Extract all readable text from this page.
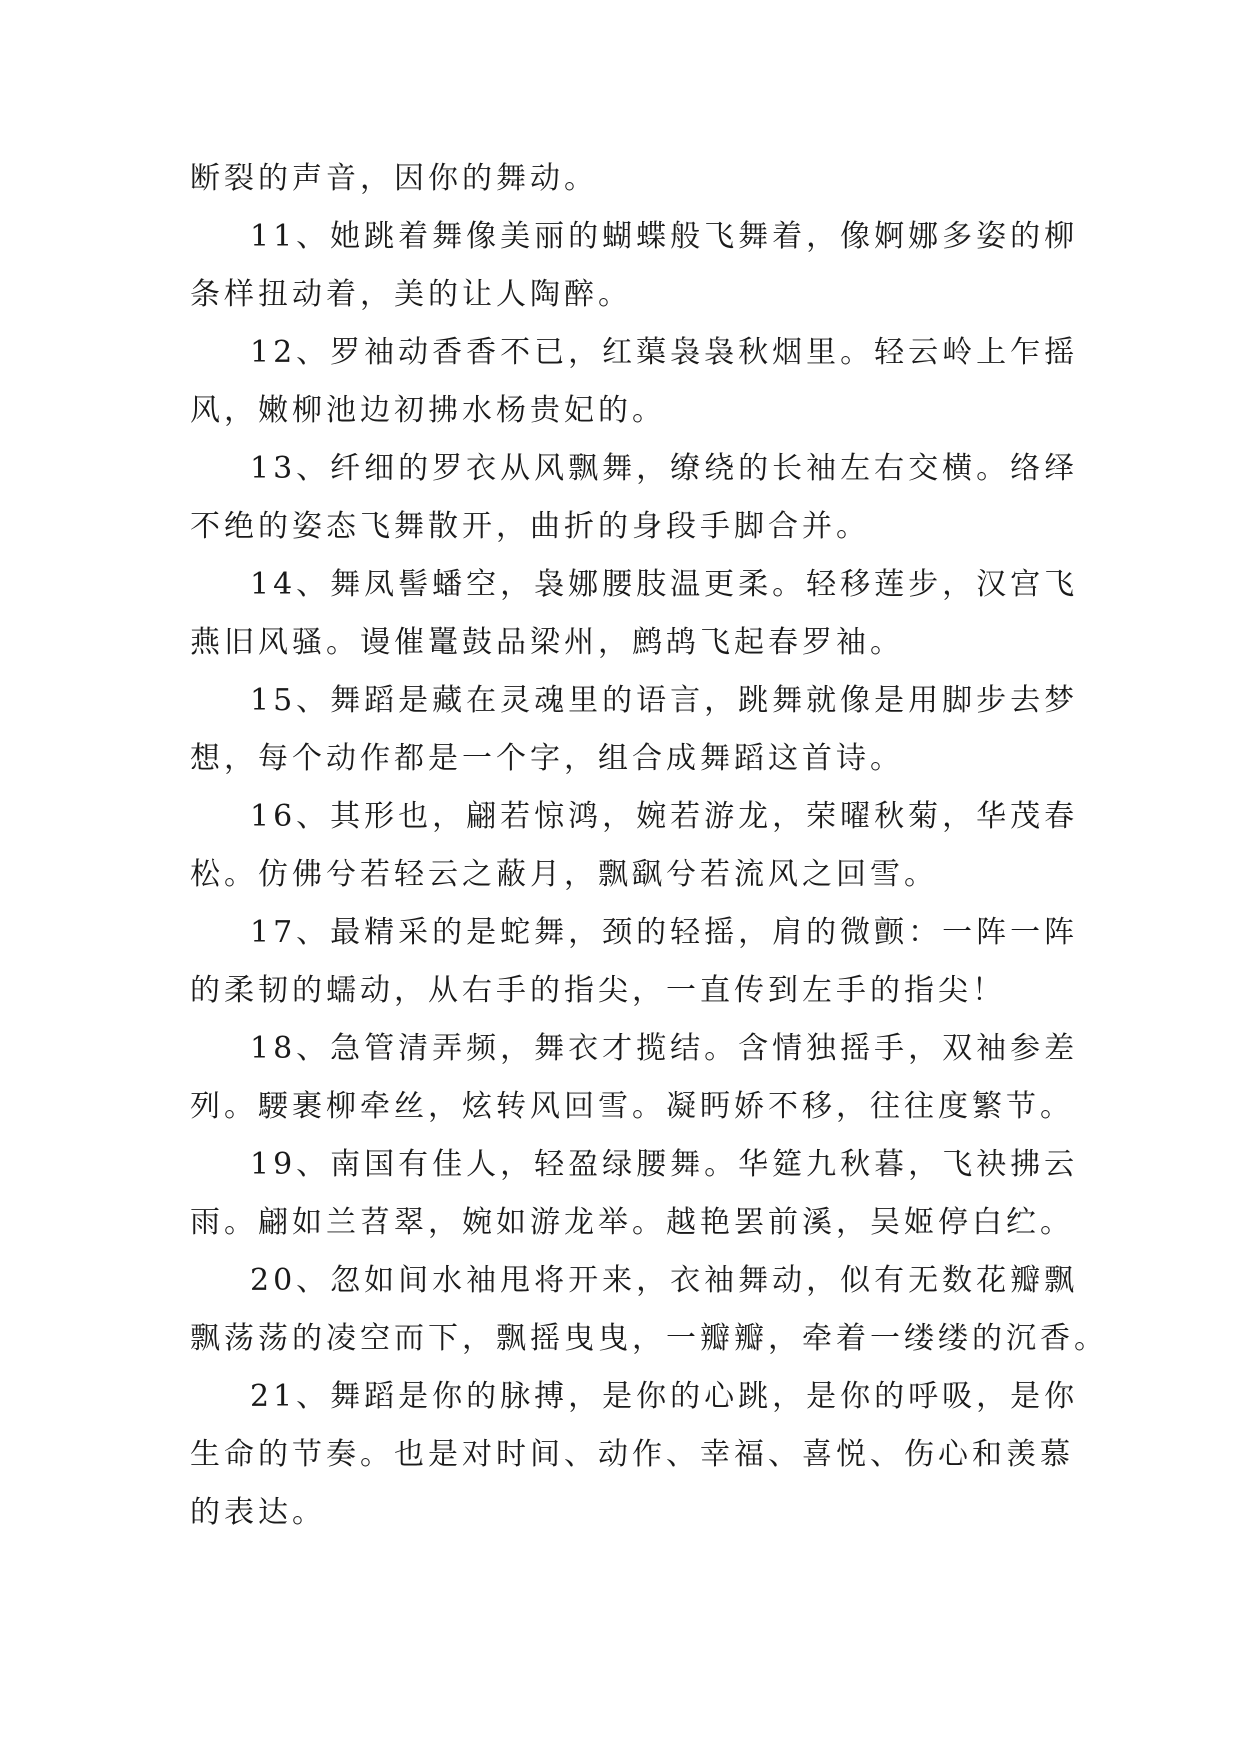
断裂的声音，因你的舞动。
11、她跳着舞像美丽的蝴蝶般飞舞着，像婀娜多姿的柳
条样扭动着，美的让人陶醉。
12、罗袖动香香不已，红蕖袅袅秋烟里。轻云岭上乍摇
风，嫩柳池边初拂水杨贵妃的。
13、纤细的罗衣从风飘舞，缭绕的长袖左右交横。络绎
不绝的姿态飞舞散开，曲折的身段手脚合并。
14、舞凤髻蟠空，袅娜腰肢温更柔。轻移莲步，汉宫飞
燕旧风骚。谩催鼍鼓品梁州，鹧鸪飞起春罗袖。
15、舞蹈是藏在灵魂里的语言，跳舞就像是用脚步去梦
想，每个动作都是一个字，组合成舞蹈这首诗。
16、其形也，翩若惊鸿，婉若游龙，荣曜秋菊，华茂春
松。仿佛兮若轻云之蔽月，飘飖兮若流风之回雪。
17、最精采的是蛇舞，颈的轻摇，肩的微颤：一阵一阵
的柔韧的蠕动，从右手的指尖，一直传到左手的指尖！
18、急管清弄频，舞衣才揽结。含情独摇手，双袖参差
列。騕裹柳牵丝，炫转风回雪。凝眄娇不移，往往度繁节。
19、南国有佳人，轻盈绿腰舞。华筵九秋暮，飞袂拂云
雨。翩如兰苕翠，婉如游龙举。越艳罢前溪，吴姬停白纻。
20、忽如间水袖甩将开来，衣袖舞动，似有无数花瓣飘
飘荡荡的凌空而下，飘摇曳曳，一瓣瓣，牵着一缕缕的沉香。
21、舞蹈是你的脉搏，是你的心跳，是你的呼吸，是你
生命的节奏。也是对时间、动作、幸福、喜悦、伤心和羡慕
的表达。
